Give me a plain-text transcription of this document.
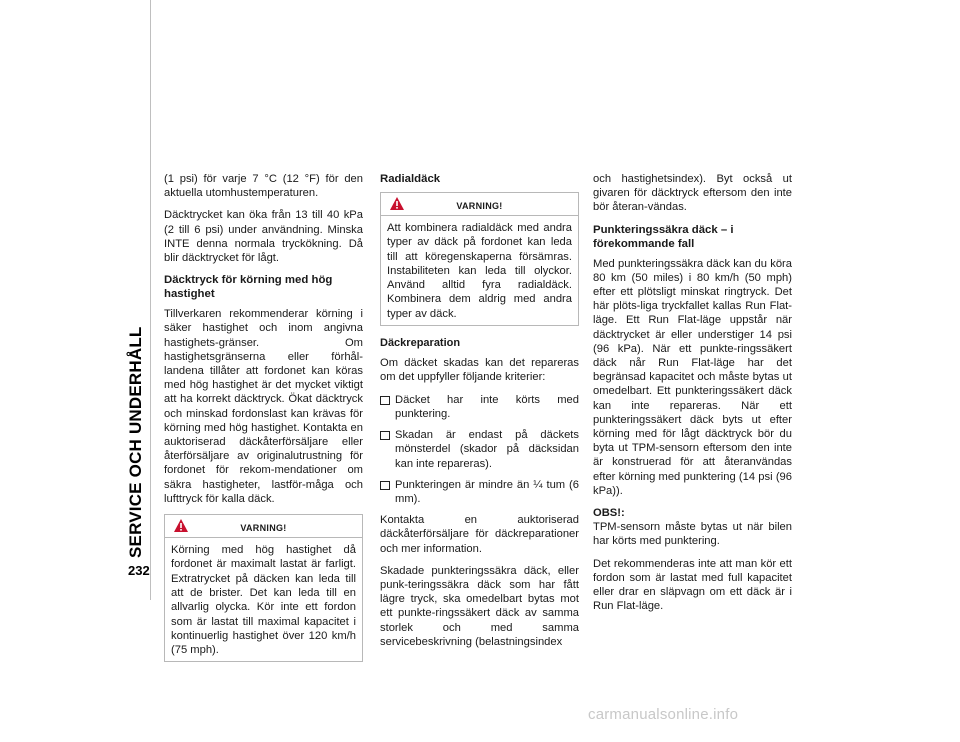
SERVICE OCH UNDERHÅLL
232

(1 psi) för varje 7 °C (12 °F) för den aktuella utomhustemperaturen.

Däcktrycket kan öka från 13 till 40 kPa (2 till 6 psi) under användning. Minska INTE denna normala tryckökning. Då blir däcktrycket för lågt.

Däcktryck för körning med hög hastighet

Tillverkaren rekommenderar körning i säker hastighet och inom angivna hastighets-gränser. Om hastighetsgränserna eller förhål-landena tillåter att fordonet kan köras med hög hastighet är det mycket viktigt att ha korrekt däcktryck. Ökat däcktryck och minskad fordonslast kan krävas för körning med hög hastighet. Kontakta en auktoriserad däckåterförsäljare eller återförsäljare av originalutrustning för fordonet för rekom-mendationer om säkra hastigheter, lastför-måga och lufttryck för kalla däck.

VARNING!
Körning med hög hastighet då fordonet är maximalt lastat är farligt. Extratrycket på däcken kan leda till att de brister. Det kan leda till en allvarlig olycka. Kör inte ett fordon som är lastat till maximal kapacitet i kontinuerlig hastighet över 120 km/h (75 mph).
Radialdäck
VARNING!
Att kombinera radialdäck med andra typer av däck på fordonet kan leda till att köregenskaperna försämras. Instabiliteten kan leda till olyckor. Använd alltid fyra radialdäck. Kombinera dem aldrig med andra typer av däck.
Däckreparation

Om däcket skadas kan det repareras om det uppfyller följande kriterier:

Däcket har inte körts med punktering.
Skadan är endast på däckets mönsterdel (skador på däcksidan kan inte repareras).
Punkteringen är mindre än ¼ tum (6 mm).

Kontakta en auktoriserad däckåterförsäljare för däckreparationer och mer information.

Skadade punkteringssäkra däck, eller punk-teringssäkra däck som har fått lägre tryck, ska omedelbart bytas mot ett punkte-ringssäkert däck av samma storlek och med samma servicebeskrivning (belastningsindex

och hastighetsindex). Byt också ut givaren för däcktryck eftersom den inte bör återan-vändas.

Punkteringssäkra däck – i förekommande fall

Med punkteringssäkra däck kan du köra 80 km (50 miles) i 80 km/h (50 mph) efter ett plötsligt minskat ringtryck. Det här plöts-liga tryckfallet kallas Run Flat-läge. Ett Run Flat-läge uppstår när däcktrycket är eller understiger 14 psi (96 kPa). När ett punkte-ringssäkert däck når Run Flat-läge har det begränsad kapacitet och måste bytas ut omedelbart. Ett punkteringssäkert däck kan inte repareras. När ett punkteringssäkert däck byts ut efter körning med för lågt däcktryck bör du byta ut TPM-sensorn eftersom den inte är konstruerad för att återanvändas efter körning med punktering (14 psi (96 kPa)).

OBS!:

TPM-sensorn måste bytas ut när bilen har körts med punktering.

Det rekommenderas inte att man kör ett fordon som är lastat med full kapacitet eller drar en släpvagn om ett däck är i Run Flat-läge.

carmanualsonline.info
